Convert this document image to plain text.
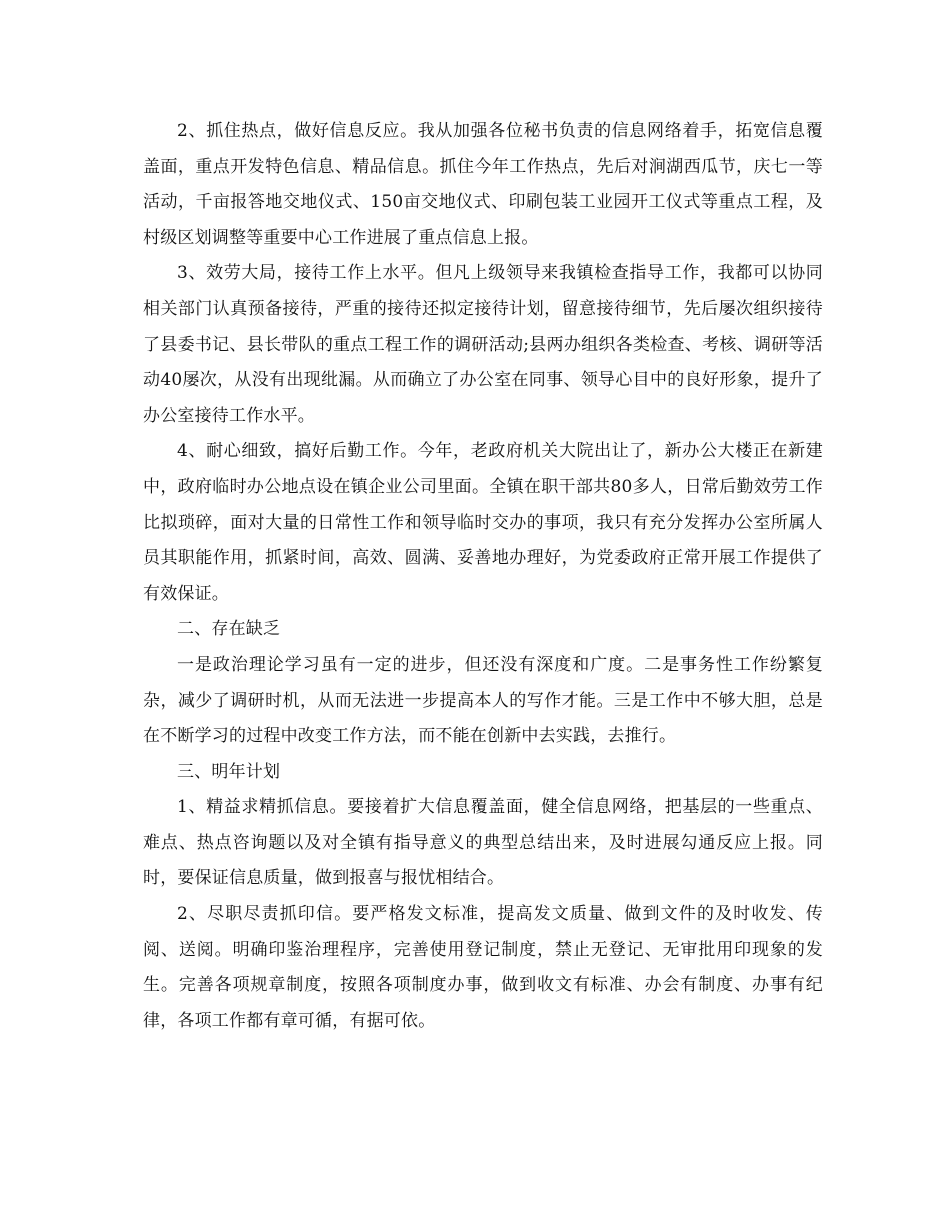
2、抓住热点，做好信息反应。我从加强各位秘书负责的信息网络着手，拓宽信息覆盖面，重点开发特色信息、精品信息。抓住今年工作热点，先后对涧湖西瓜节，庆七一等活动，千亩报答地交地仪式、150亩交地仪式、印刷包装工业园开工仪式等重点工程，及村级区划调整等重要中心工作进展了重点信息上报。

3、效劳大局，接待工作上水平。但凡上级领导来我镇检查指导工作，我都可以协同相关部门认真预备接待，严重的接待还拟定接待计划，留意接待细节，先后屡次组织接待了县委书记、县长带队的重点工程工作的调研活动;县两办组织各类检查、考核、调研等活动40屡次，从没有出现纰漏。从而确立了办公室在同事、领导心目中的良好形象，提升了办公室接待工作水平。

4、耐心细致，搞好后勤工作。今年，老政府机关大院出让了，新办公大楼正在新建中，政府临时办公地点设在镇企业公司里面。全镇在职干部共80多人，日常后勤效劳工作比拟琐碎，面对大量的日常性工作和领导临时交办的事项，我只有充分发挥办公室所属人员其职能作用，抓紧时间，高效、圆满、妥善地办理好，为党委政府正常开展工作提供了有效保证。

二、存在缺乏

一是政治理论学习虽有一定的进步，但还没有深度和广度。二是事务性工作纷繁复杂，减少了调研时机，从而无法进一步提高本人的写作才能。三是工作中不够大胆，总是在不断学习的过程中改变工作方法，而不能在创新中去实践，去推行。

三、明年计划

1、精益求精抓信息。要接着扩大信息覆盖面，健全信息网络，把基层的一些重点、难点、热点咨询题以及对全镇有指导意义的典型总结出来，及时进展勾通反应上报。同时，要保证信息质量，做到报喜与报忧相结合。

2、尽职尽责抓印信。要严格发文标准，提高发文质量、做到文件的及时收发、传阅、送阅。明确印鉴治理程序，完善使用登记制度，禁止无登记、无审批用印现象的发生。完善各项规章制度，按照各项制度办事，做到收文有标准、办会有制度、办事有纪律，各项工作都有章可循，有据可依。
